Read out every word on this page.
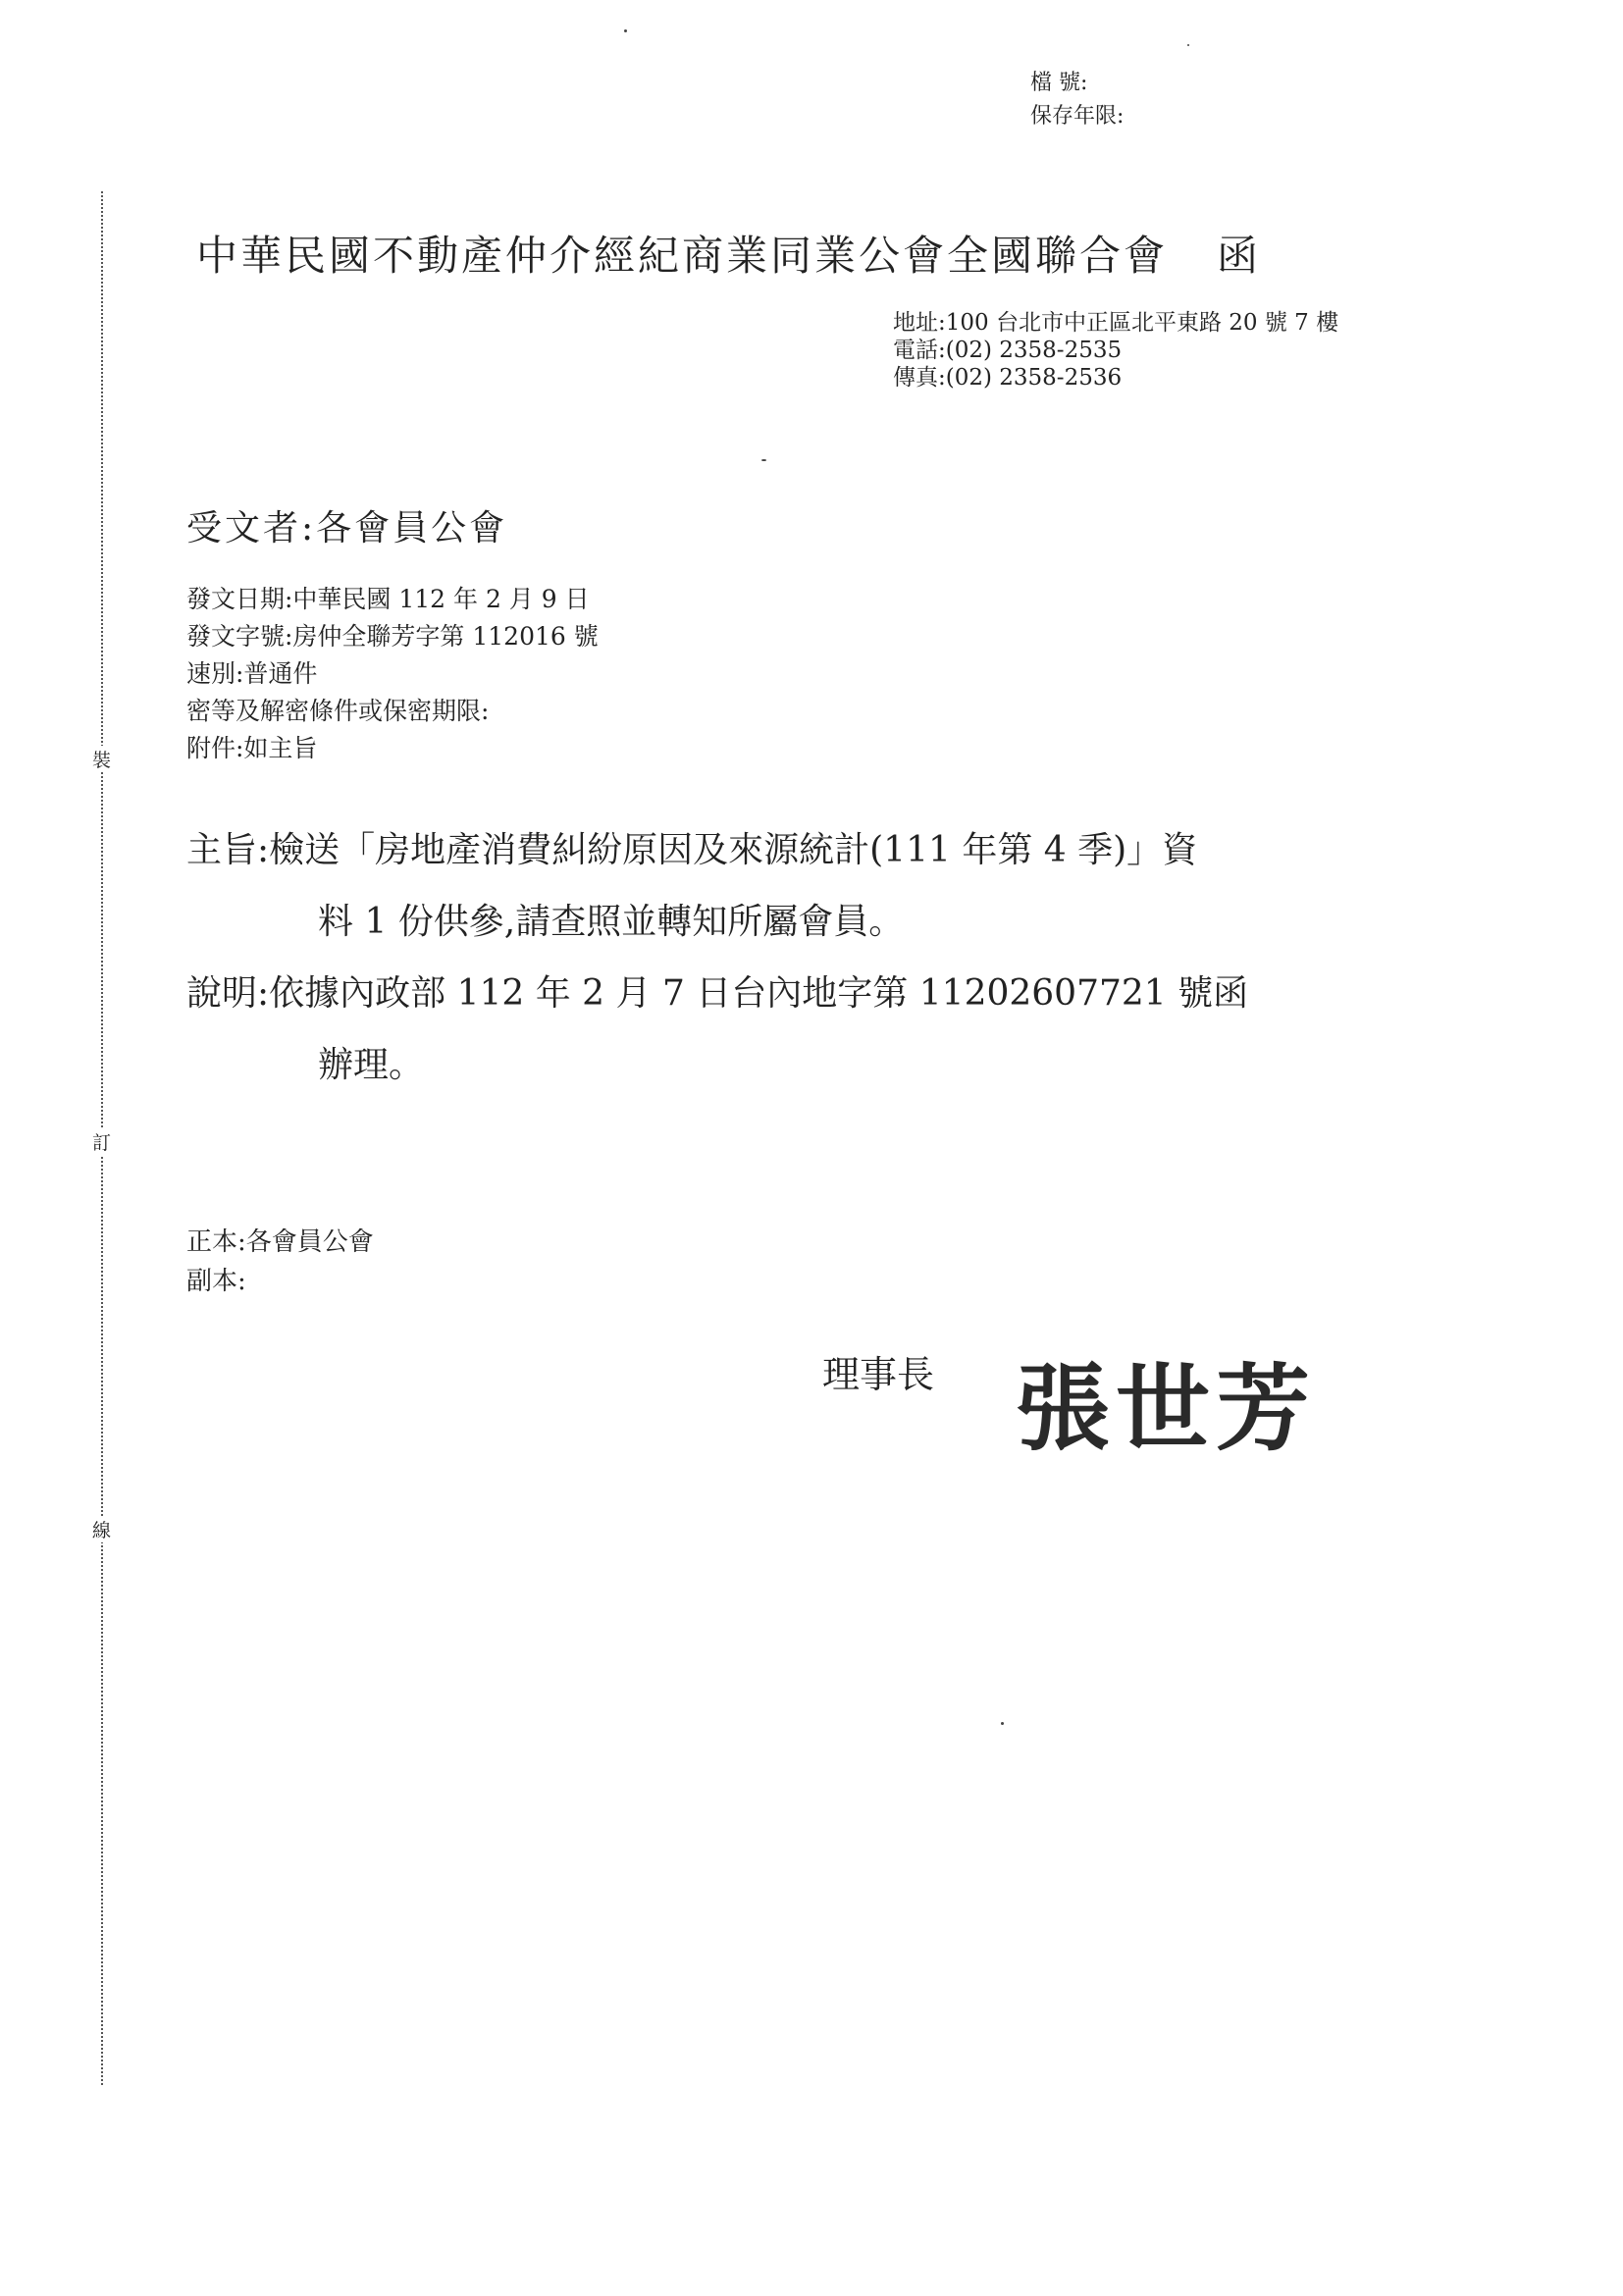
檔 號:
保存年限:
裝
訂
線
中華民國不動產仲介經紀商業同業公會全國聯合會 函
地址:100 台北市中正區北平東路 20 號 7 樓
電話:(02) 2358-2535
傳真:(02) 2358-2536
受文者:各會員公會
發文日期:中華民國 112 年 2 月 9 日
發文字號:房仲全聯芳字第 112016 號
速別:普通件
密等及解密條件或保密期限:
附件:如主旨
主旨:檢送「房地產消費糾紛原因及來源統計(111 年第 4 季)」資
料 1 份供參,請查照並轉知所屬會員。
說明:依據內政部 112 年 2 月 7 日台內地字第 11202607721 號函
辦理。
正本:各會員公會
副本:
理事長 張世芳
